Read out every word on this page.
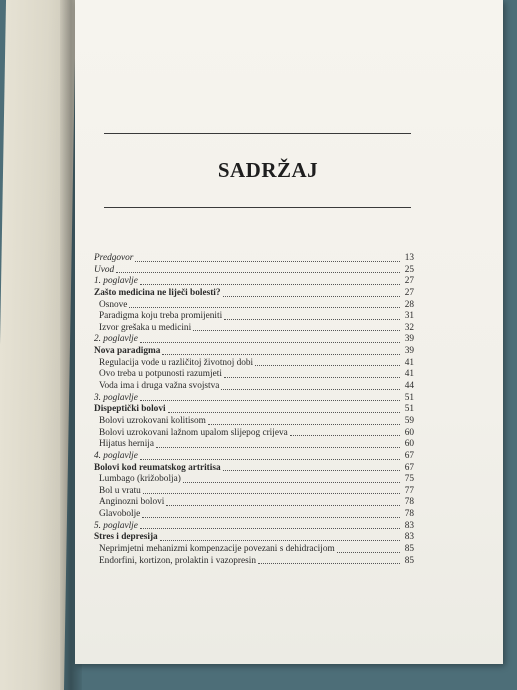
SADRŽAJ
Predgovor	13
Uvod	25
1. poglavlje	27
Zašto medicina ne liječi bolesti?	27
Osnove	28
Paradigma koju treba promijeniti	31
Izvor grešaka u medicini	32
2. poglavlje	39
Nova paradigma	39
Regulacija vode u različitoj životnoj dobi	41
Ovo treba u potpunosti razumjeti	41
Voda ima i druga važna svojstva	44
3. poglavlje	51
Dispeptički bolovi	51
Bolovi uzrokovani kolitisom	59
Bolovi uzrokovani lažnom upalom slijepog crijeva	60
Hijatus hernija	60
4. poglavlje	67
Bolovi kod reumatskog artritisa	67
Lumbago (križobolja)	75
Bol u vratu	77
Anginozni bolovi	78
Glavobolje	78
5. poglavlje	83
Stres i depresija	83
Neprimjetni mehanizmi kompenzacije povezani s dehidracijom	85
Endorfini, kortizon, prolaktin i vazopresin	85
